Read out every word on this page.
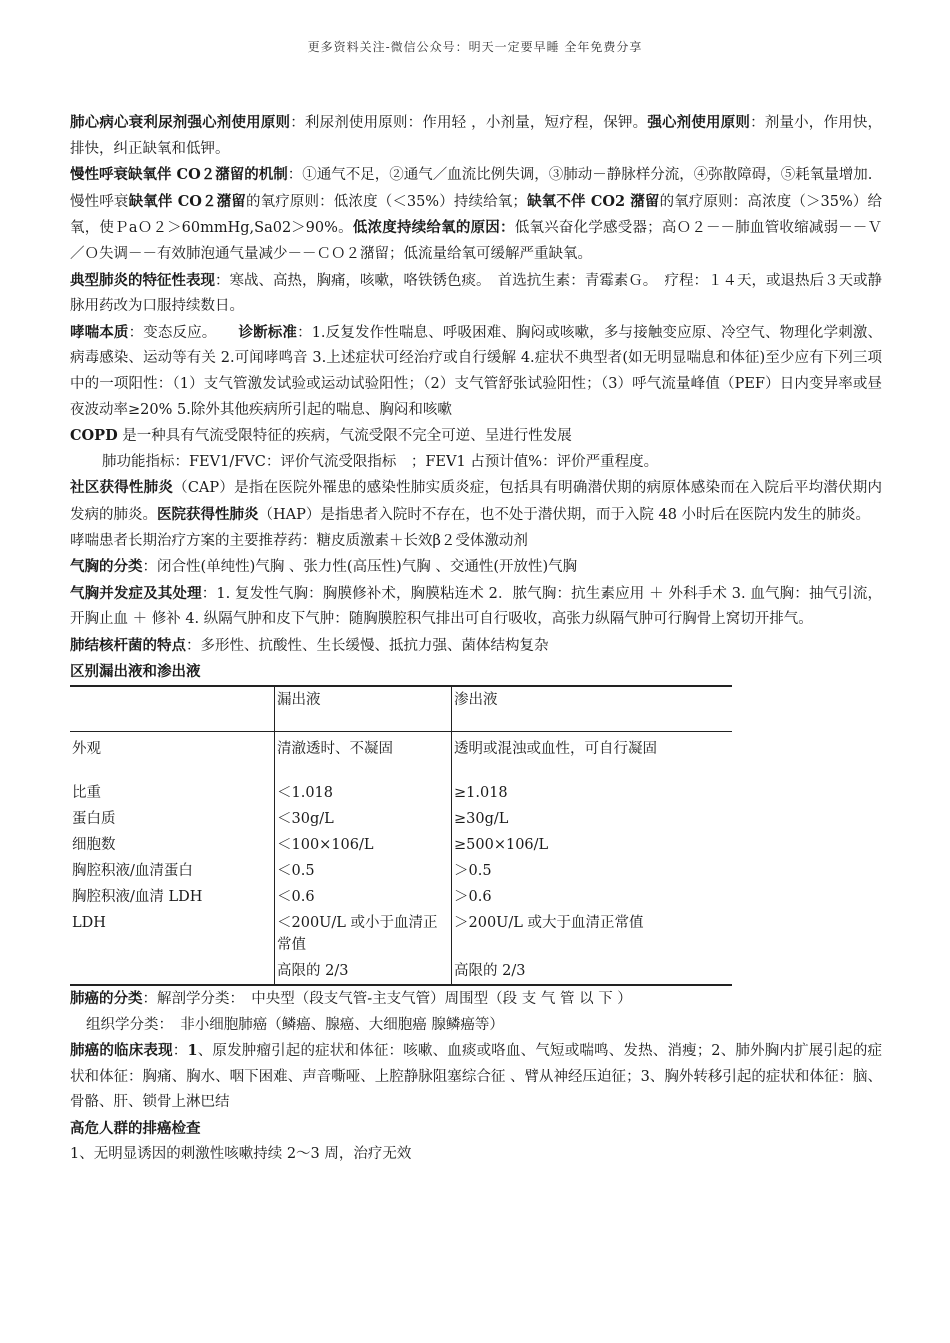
更多资料关注-微信公众号：明天一定要早睡 全年免费分享

肺心病心衰利尿剂强心剂使用原则：利尿剂使用原则：作用轻 ，小剂量，短疗程，保钾。强心剂使用原则：剂量小，作用快，排快，纠正缺氧和低钾。

慢性呼衰缺氧伴 CO２潴留的机制：①通气不足，②通气／血流比例失调，③肺动－静脉样分流，④弥散障碍，⑤耗氧量增加.

慢性呼衰缺氧伴 CO２潴留的氧疗原则：低浓度（＜35%）持续给氧；缺氧不伴 CO2 潴留的氧疗原则：高浓度（＞35%）给氧，使ＰaＯ２＞60mmHg,Sa02＞90%。低浓度持续给氧的原因：低氧兴奋化学感受器；高Ｏ２－－肺血管收缩减弱－－Ｖ／Ｏ失调－－有效肺泡通气量减少－－ＣＯ２潴留；低流量给氧可缓解严重缺氧。

典型肺炎的特征性表现：寒战、高热，胸痛，咳嗽，咯铁锈色痰。　首选抗生素：青霉素Ｇ。　疗程：１４天，或退热后３天或静脉用药改为口服持续数日。

哮喘本质：变态反应。　　诊断标准：1.反复发作性喘息、呼吸困难、胸闷或咳嗽，多与接触变应原、冷空气、物理化学刺激、病毒感染、运动等有关 2.可闻哮鸣音 3.上述症状可经治疗或自行缓解 4.症状不典型者(如无明显喘息和体征)至少应有下列三项中的一项阳性：（1）支气管激发试验或运动试验阳性；（2）支气管舒张试验阳性；（3）呼气流量峰值（PEF）日内变异率或昼夜波动率≥20% 5.除外其他疾病所引起的喘息、胸闷和咳嗽

COPD 是一种具有气流受限特征的疾病，气流受限不完全可逆、呈进行性发展

肺功能指标：FEV1/FVC：评价气流受限指标　；FEV1 占预计值%：评价严重程度。

社区获得性肺炎（CAP）是指在医院外罹患的感染性肺实质炎症，包括具有明确潜伏期的病原体感染而在入院后平均潜伏期内发病的肺炎。医院获得性肺炎（HAP）是指患者入院时不存在，也不处于潜伏期，而于入院 48 小时后在医院内发生的肺炎。

哮喘患者长期治疗方案的主要推荐药：糖皮质激素＋长效β２受体激动剂

气胸的分类：闭合性(单纯性)气胸 、张力性(高压性)气胸 、交通性(开放性)气胸

气胸并发症及其处理：1. 复发性气胸：胸膜修补术，胸膜粘连术 2．脓气胸：抗生素应用 ＋ 外科手术 3. 血气胸：抽气引流，开胸止血 ＋ 修补 4. 纵隔气肿和皮下气肿：随胸膜腔积气排出可自行吸收，高张力纵隔气肿可行胸骨上窝切开排气。

肺结核杆菌的特点：多形性、抗酸性、生长缓慢、抵抗力强、菌体结构复杂

区别漏出液和渗出液

	漏出液	渗出液
外观	清澈透时、不凝固	透明或混浊或血性，可自行凝固
比重	＜1.018	≥1.018
蛋白质	＜30g/L	≥30g/L
细胞数	＜100×106/L	≥500×106/L
胸腔积液/血清蛋白	＜0.5	＞0.5
胸腔积液/血清 LDH	＜0.6	＞0.6
LDH	＜200U/L 或小于血清正常值	＞200U/L 或大于血清正常值
	高限的 2/3	高限的 2/3

肺癌的分类：解剖学分类：　中央型（段支气管-主支气管）周围型（段 支 气 管 以 下 ）

组织学分类：　非小细胞肺癌（鳞癌、腺癌、大细胞癌 腺鳞癌等）

肺癌的临床表现：1、原发肿瘤引起的症状和体征：咳嗽、血痰或咯血、气短或喘鸣、发热、消瘦；2、肺外胸内扩展引起的症状和体征：胸痛、胸水、咽下困难、声音嘶哑、上腔静脉阻塞综合征 、臂从神经压迫征；3、胸外转移引起的症状和体征：脑、骨骼、肝、锁骨上淋巴结

高危人群的排癌检查

1、无明显诱因的刺激性咳嗽持续 2～3 周，治疗无效
